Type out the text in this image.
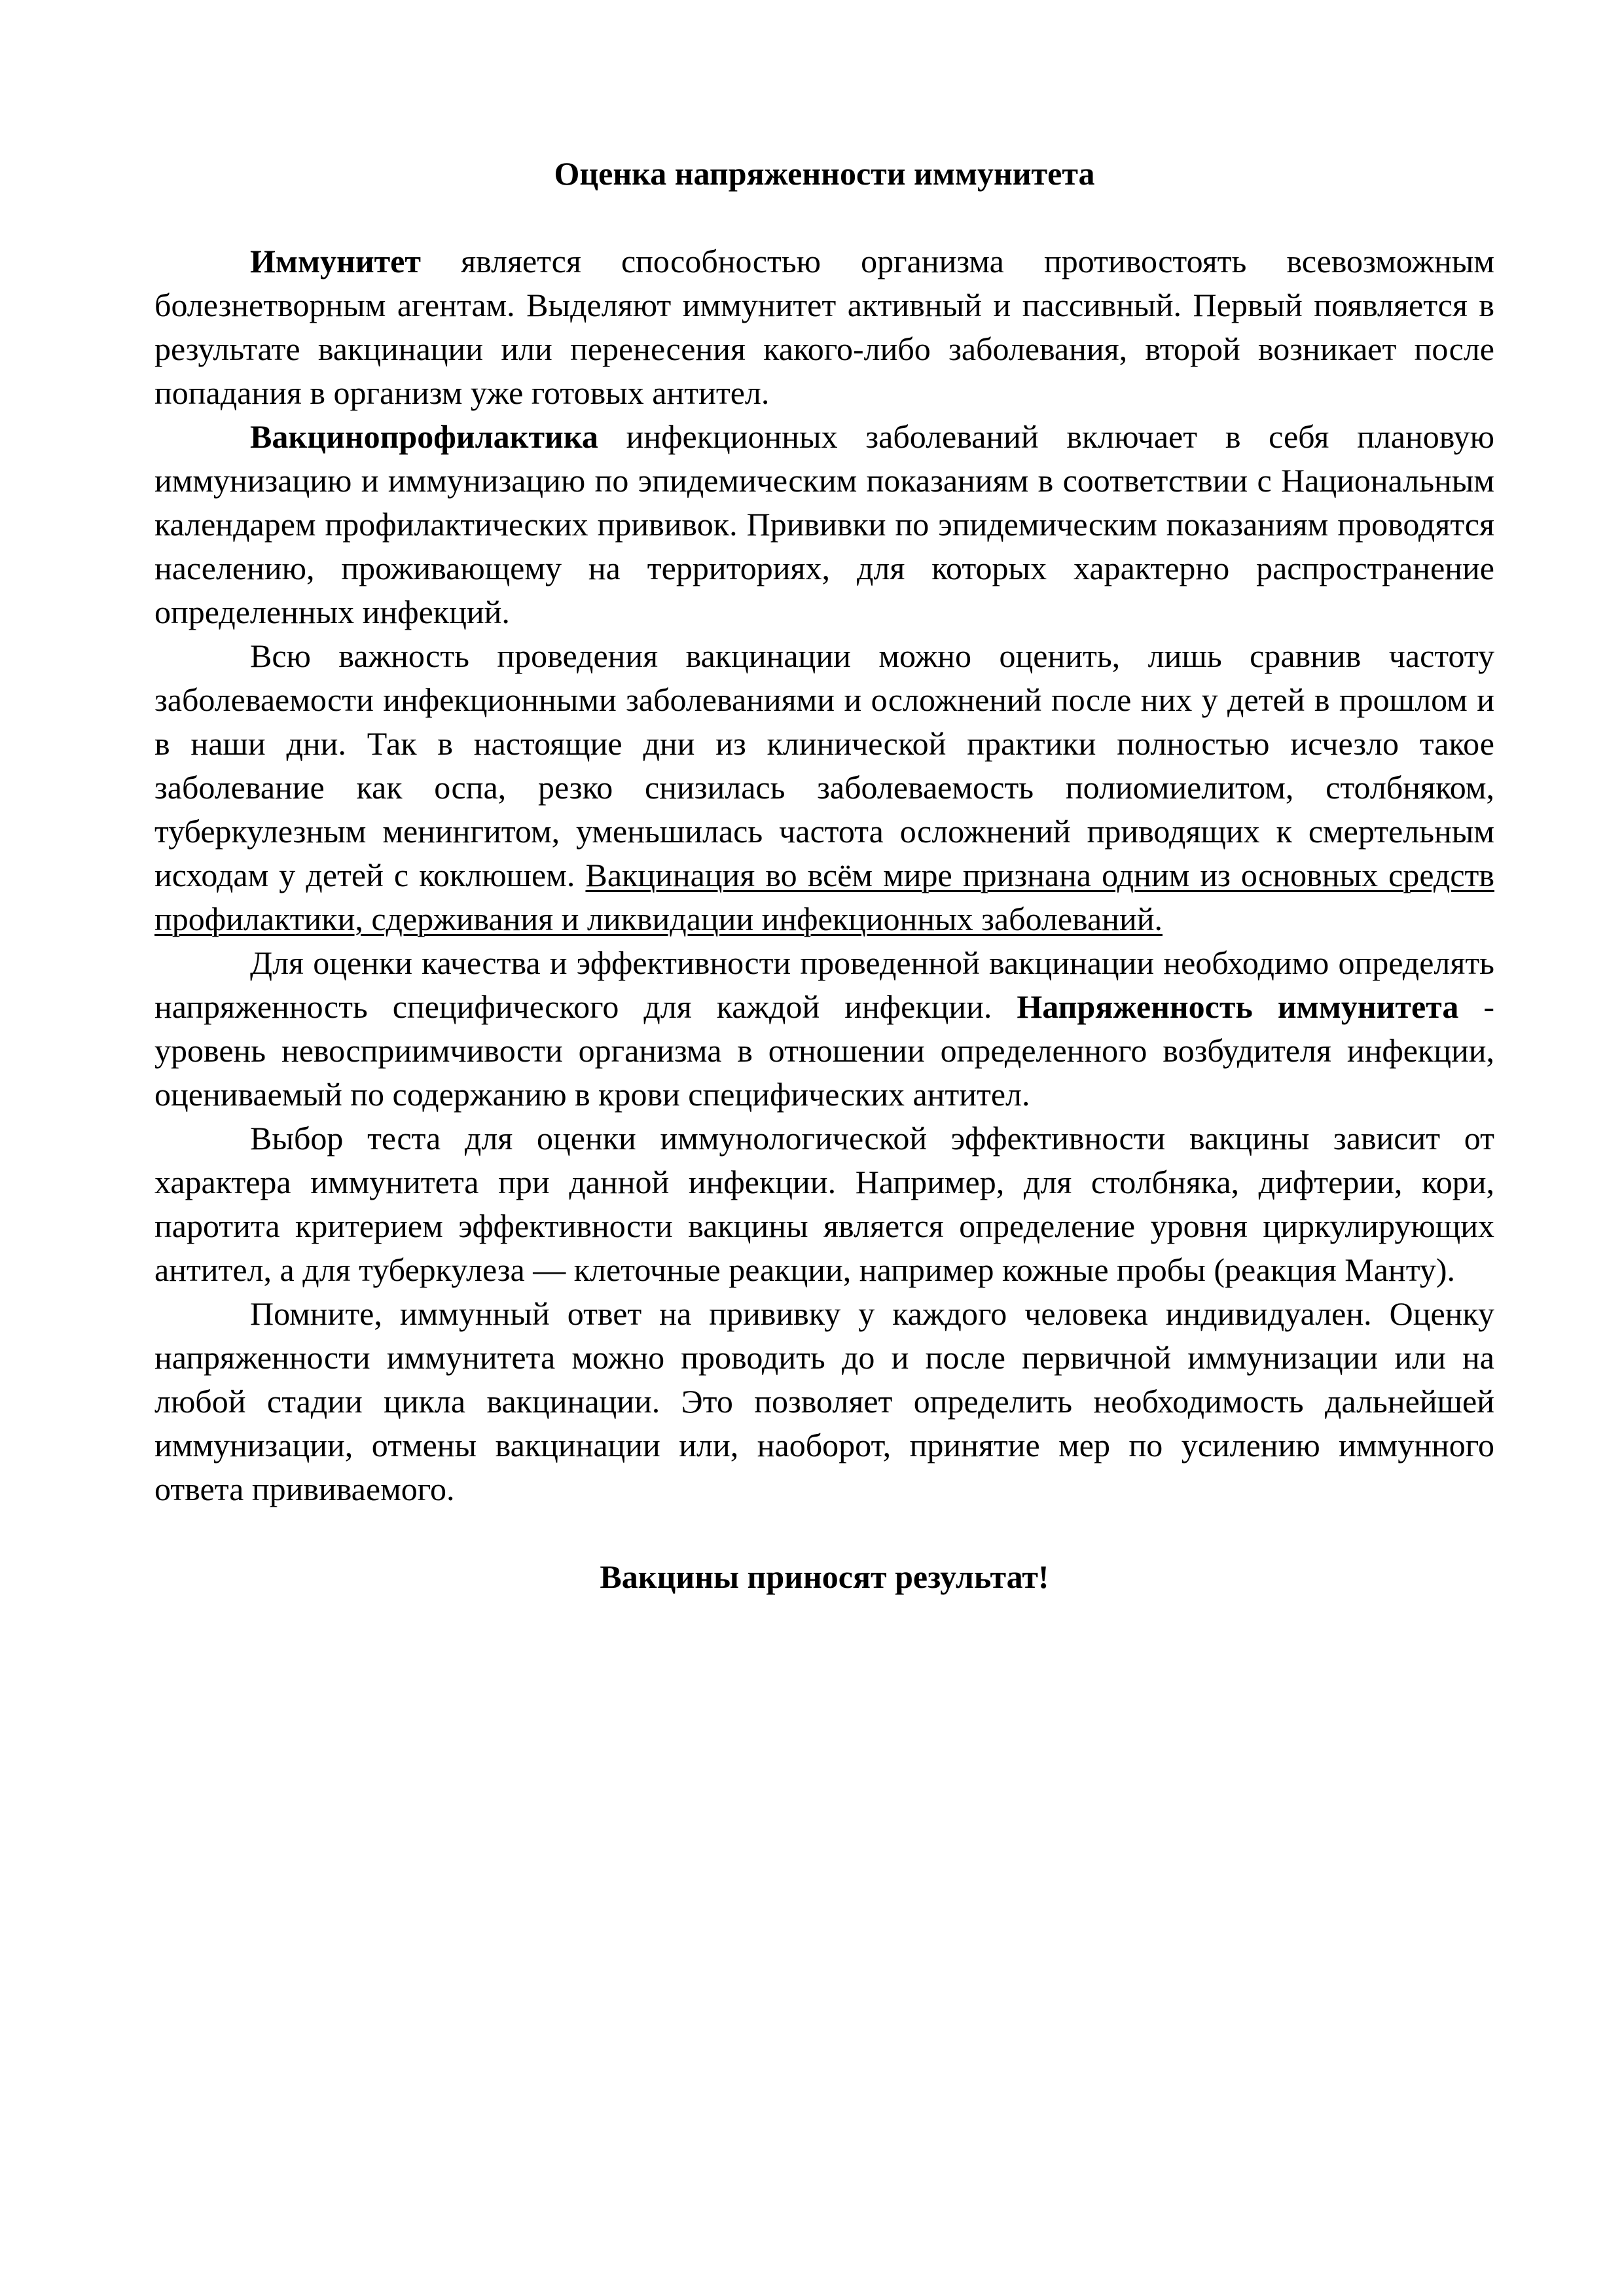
Оценка напряженности иммунитета

Иммунитет является способностью организма противостоять всевозможным болезнетворным агентам. Выделяют иммунитет активный и пассивный. Первый появляется в результате вакцинации или перенесения какого-либо заболевания, второй возникает после попадания в организм уже готовых антител.

Вакцинопрофилактика инфекционных заболеваний включает в себя плановую иммунизацию и иммунизацию по эпидемическим показаниям в соответствии с Национальным календарем профилактических прививок. Прививки по эпидемическим показаниям проводятся населению, проживающему на территориях, для которых характерно распространение определенных инфекций.

Всю важность проведения вакцинации можно оценить, лишь сравнив частоту заболеваемости инфекционными заболеваниями и осложнений после них у детей в прошлом и в наши дни. Так в настоящие дни из клинической практики полностью исчезло такое заболевание как оспа, резко снизилась заболеваемость полиомиелитом, столбняком, туберкулезным менингитом, уменьшилась частота осложнений приводящих к смертельным исходам у детей с коклюшем. Вакцинация во всём мире признана одним из основных средств профилактики, сдерживания и ликвидации инфекционных заболеваний.

Для оценки качества и эффективности проведенной вакцинации необходимо определять напряженность специфического для каждой инфекции. Напряженность иммунитета - уровень невосприимчивости организма в отношении определенного возбудителя инфекции, оцениваемый по содержанию в крови специфических антител.

Выбор теста для оценки иммунологической эффективности вакцины зависит от характера иммунитета при данной инфекции. Например, для столбняка, дифтерии, кори, паротита критерием эффективности вакцины является определение уровня циркулирующих антител, а для туберкулеза — клеточные реакции, например кожные пробы (реакция Манту).

Помните, иммунный ответ на прививку у каждого человека индивидуален. Оценку напряженности иммунитета можно проводить до и после первичной иммунизации или на любой стадии цикла вакцинации. Это позволяет определить необходимость дальнейшей иммунизации, отмены вакцинации или, наоборот, принятие мер по усилению иммунного ответа прививаемого.

Вакцины приносят результат!
